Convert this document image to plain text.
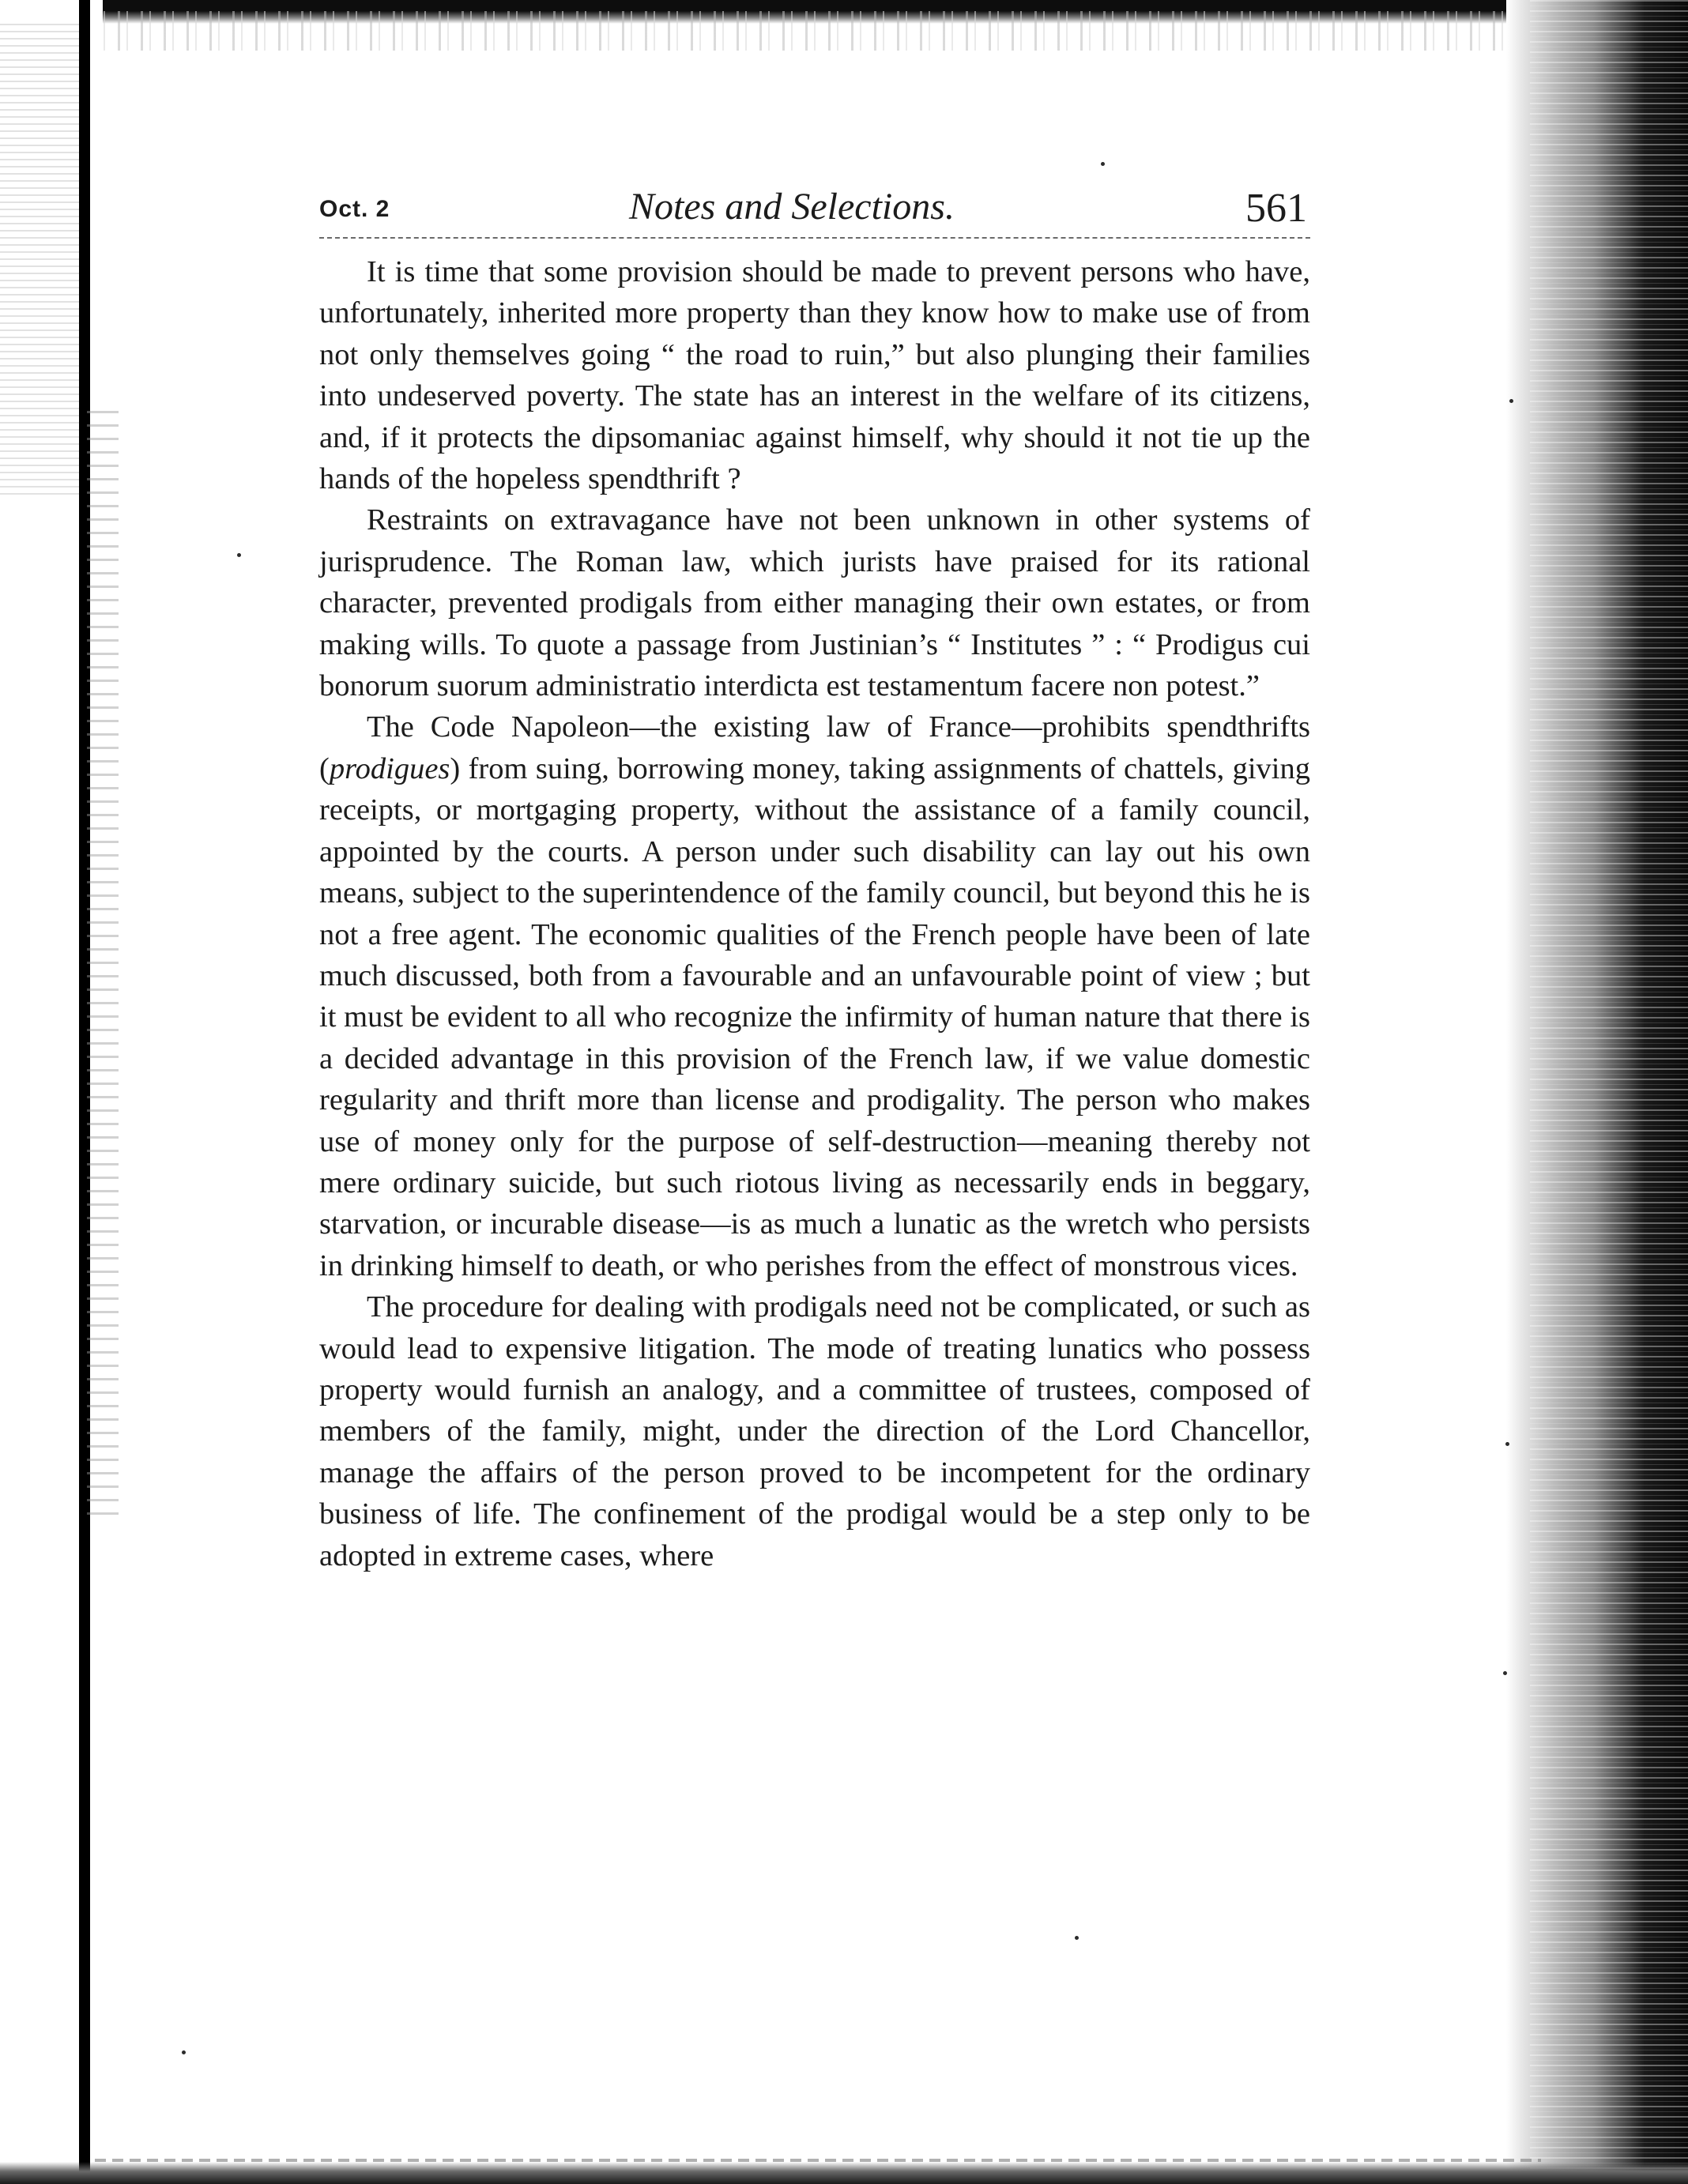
Oct. 2	Notes and Selections.	561

It is time that some provision should be made to prevent persons who have, unfortunately, inherited more property than they know how to make use of from not only themselves going “ the road to ruin,” but also plunging their families into undeserved poverty. The state has an interest in the welfare of its citizens, and, if it protects the dipsomaniac against himself, why should it not tie up the hands of the hopeless spendthrift ?

Restraints on extravagance have not been unknown in other systems of jurisprudence. The Roman law, which jurists have praised for its rational character, prevented prodigals from either managing their own estates, or from making wills. To quote a passage from Justinian’s “ Institutes ” : “ Prodigus cui bonorum suorum administratio interdicta est testamentum facere non potest.”

The Code Napoleon—the existing law of France—prohibits spendthrifts (prodigues) from suing, borrowing money, taking assignments of chattels, giving receipts, or mortgaging property, without the assistance of a family council, appointed by the courts. A person under such disability can lay out his own means, subject to the superintendence of the family council, but beyond this he is not a free agent. The economic qualities of the French people have been of late much discussed, both from a favourable and an unfavourable point of view ; but it must be evident to all who recognize the infirmity of human nature that there is a decided advantage in this provision of the French law, if we value domestic regularity and thrift more than license and prodigality. The person who makes use of money only for the purpose of self-destruction—meaning thereby not mere ordinary suicide, but such riotous living as necessarily ends in beggary, starvation, or incurable disease—is as much a lunatic as the wretch who persists in drinking himself to death, or who perishes from the effect of monstrous vices.

The procedure for dealing with prodigals need not be complicated, or such as would lead to expensive litigation. The mode of treating lunatics who possess property would furnish an analogy, and a committee of trustees, composed of members of the family, might, under the direction of the Lord Chancellor, manage the affairs of the person proved to be incompetent for the ordinary business of life. The confinement of the prodigal would be a step only to be adopted in extreme cases, where
